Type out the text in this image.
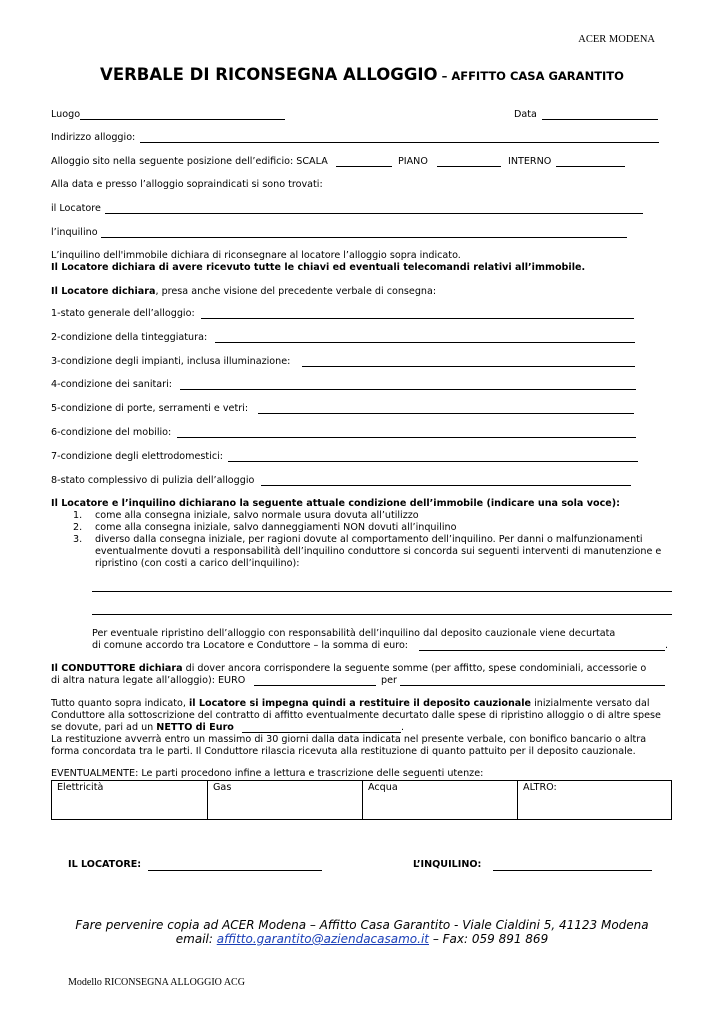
ACER MODENA
VERBALE DI RICONSEGNA ALLOGGIO – AFFITTO CASA GARANTITO
Luogo	Data
Indirizzo alloggio:
Alloggio sito nella seguente posizione dell’edificio: SCALA	PIANO	INTERNO
Alla data e presso l’alloggio sopraindicati si sono trovati:
il Locatore
l’inquilino
L’inquilino dell'immobile dichiara di riconsegnare al locatore l’alloggio sopra indicato.
Il Locatore dichiara di avere ricevuto tutte le chiavi ed eventuali telecomandi relativi all’immobile.
Il Locatore dichiara, presa anche visione del precedente verbale di consegna:
1-stato generale dell’alloggio:
2-condizione della tinteggiatura:
3-condizione degli impianti, inclusa illuminazione:
4-condizione dei sanitari:
5-condizione di porte, serramenti e vetri:
6-condizione del mobilio:
7-condizione degli elettrodomestici:
8-stato complessivo di pulizia dell’alloggio
Il Locatore e l’inquilino dichiarano la seguente attuale condizione dell’immobile (indicare una sola voce):
1. come alla consegna iniziale, salvo normale usura dovuta all’utilizzo
2. come alla consegna iniziale, salvo danneggiamenti NON dovuti all’inquilino
3. diverso dalla consegna iniziale, per ragioni dovute al comportamento dell’inquilino. Per danni o malfunzionamenti
eventualmente dovuti a responsabilità dell’inquilino conduttore si concorda sui seguenti interventi di manutenzione e
ripristino (con costi a carico dell’inquilino):
Per eventuale ripristino dell’alloggio con responsabilità dell’inquilino dal deposito cauzionale viene decurtata
di comune accordo tra Locatore e Conduttore – la somma di euro:	.
Il CONDUTTORE dichiara di dover ancora corrispondere la seguente somme (per affitto, spese condominiali, accessorie o
di altra natura legate all’alloggio): EURO	per
Tutto quanto sopra indicato, il Locatore si impegna quindi a restituire il deposito cauzionale inizialmente versato dal
Conduttore alla sottoscrizione del contratto di affitto eventualmente decurtato dalle spese di ripristino alloggio o di altre spese
se dovute, pari ad un NETTO di Euro	.
La restituzione avverrà entro un massimo di 30 giorni dalla data indicata nel presente verbale, con bonifico bancario o altra
forma concordata tra le parti. Il Conduttore rilascia ricevuta alla restituzione di quanto pattuito per il deposito cauzionale.
EVENTUALMENTE: Le parti procedono infine a lettura e trascrizione delle seguenti utenze:
Elettricità	Gas	Acqua	ALTRO:
IL LOCATORE:	L’INQUILINO:
Fare pervenire copia ad ACER Modena – Affitto Casa Garantito - Viale Cialdini 5, 41123 Modena
email: affitto.garantito@aziendacasamo.it – Fax: 059 891 869
Modello RICONSEGNA ALLOGGIO ACG
